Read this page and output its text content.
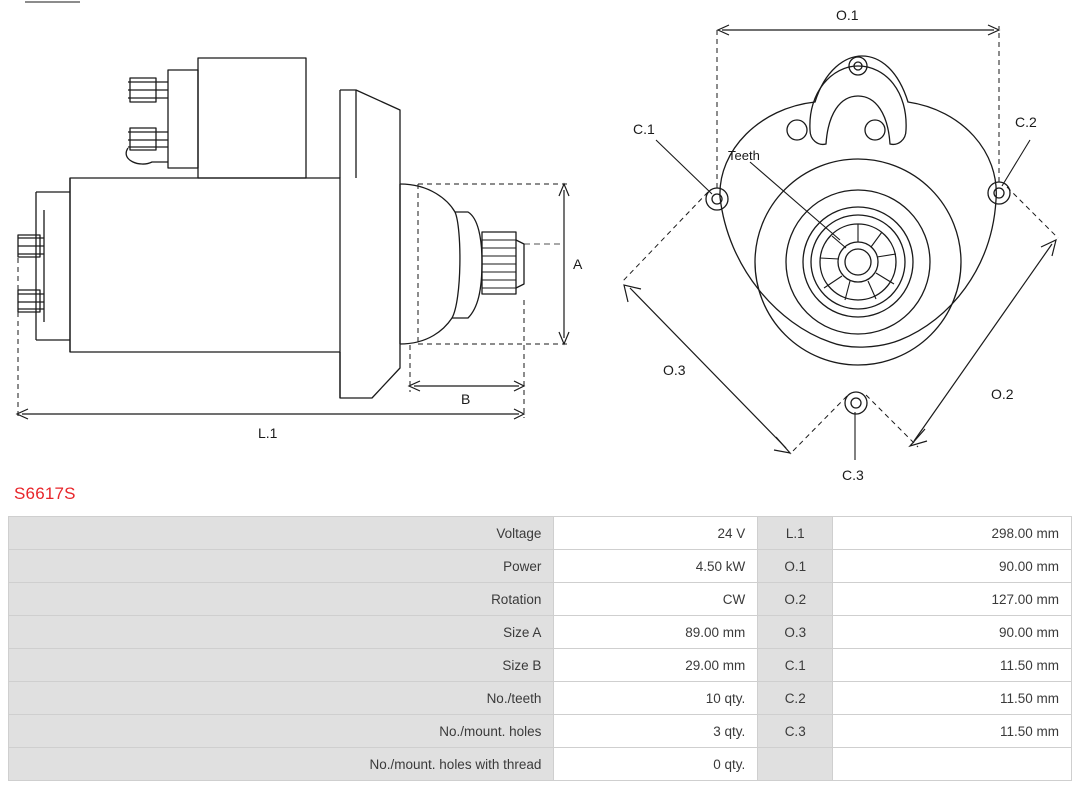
A
B
L.1
O.1
O.2
O.3
C.1	C.2
C.3
Teeth
S6617S
Voltage	24 V	L.1	298.00 mm
Power	4.50 kW	O.1	90.00 mm
Rotation	CW	O.2	127.00 mm
Size A	89.00 mm	O.3	90.00 mm
Size B	29.00 mm	C.1	11.50 mm
No./teeth	10 qty.	C.2	11.50 mm
No./mount. holes	3 qty.	C.3	11.50 mm
No./mount. holes with thread	0 qty.		
